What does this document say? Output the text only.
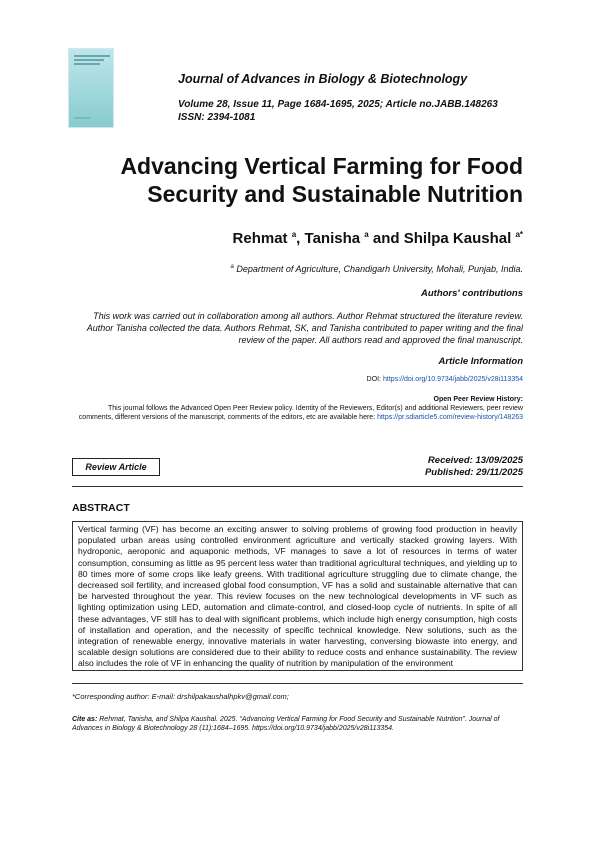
Journal of Advances in Biology & Biotechnology
Volume 28, Issue 11, Page 1684-1695, 2025; Article no.JABB.148263
ISSN: 2394-1081
Advancing Vertical Farming for Food
Security and Sustainable Nutrition
Rehmat $^a$, Tanisha $^a$ and Shilpa Kaushal $^{a*}$
$^a$ Department of Agriculture, Chandigarh University, Mohali, Punjab, India.
Authors' contributions
This work was carried out in collaboration among all authors. Author Rehmat structured the literature review. Author Tanisha collected the data. Authors Rehmat, SK, and Tanisha contributed to paper writing and the final review of the paper. All authors read and approved the final manuscript.
Article Information
DOI: https://doi.org/10.9734/jabb/2025/v28i113354
Open Peer Review History:
This journal follows the Advanced Open Peer Review policy. Identity of the Reviewers, Editor(s) and additional Reviewers, peer review comments, different versions of the manuscript, comments of the editors, etc are available here: https://pr.sdiarticle5.com/review-history/148263
Review Article
Received: 13/09/2025
Published: 29/11/2025
ABSTRACT
Vertical farming (VF) has become an exciting answer to solving problems of growing food production in heavily populated urban areas using controlled environment agriculture and vertically stacked growing layers. With hydroponic, aeroponic and aquaponic methods, VF manages to save a lot of resources in terms of water consumption, consuming as little as 95 percent less water than traditional agricultural techniques, and yielding up to 80 times more of some crops like leafy greens. With traditional agriculture struggling due to climate change, the decreased soil fertility, and increased global food consumption, VF has a solid and sustainable alternative that can be harvested throughout the year. This review focuses on the new technological developments in VF such as lighting optimization using LED, automation and climate-control, and closed-loop cycle of nutrients. In spite of all these advantages, VF still has to deal with significant problems, which include high energy consumption, high costs of installation and operation, and the necessity of specific technical knowledge. New solutions, such as the integration of renewable energy, innovative materials in water harvesting, conversing biowaste into energy, and scalable design solutions are considered due to their ability to reduce costs and enhance sustainability. The review also includes the role of VF in enhancing the quality of nutrition by manipulation of the environment
*Corresponding author: E-mail: drshilpakaushalhpkv@gmail.com;
Cite as: Rehmat, Tanisha, and Shilpa Kaushal. 2025. “Advancing Vertical Farming for Food Security and Sustainable Nutrition”. Journal of Advances in Biology & Biotechnology 28 (11):1684–1695. https://doi.org/10.9734/jabb/2025/v28i113354.
